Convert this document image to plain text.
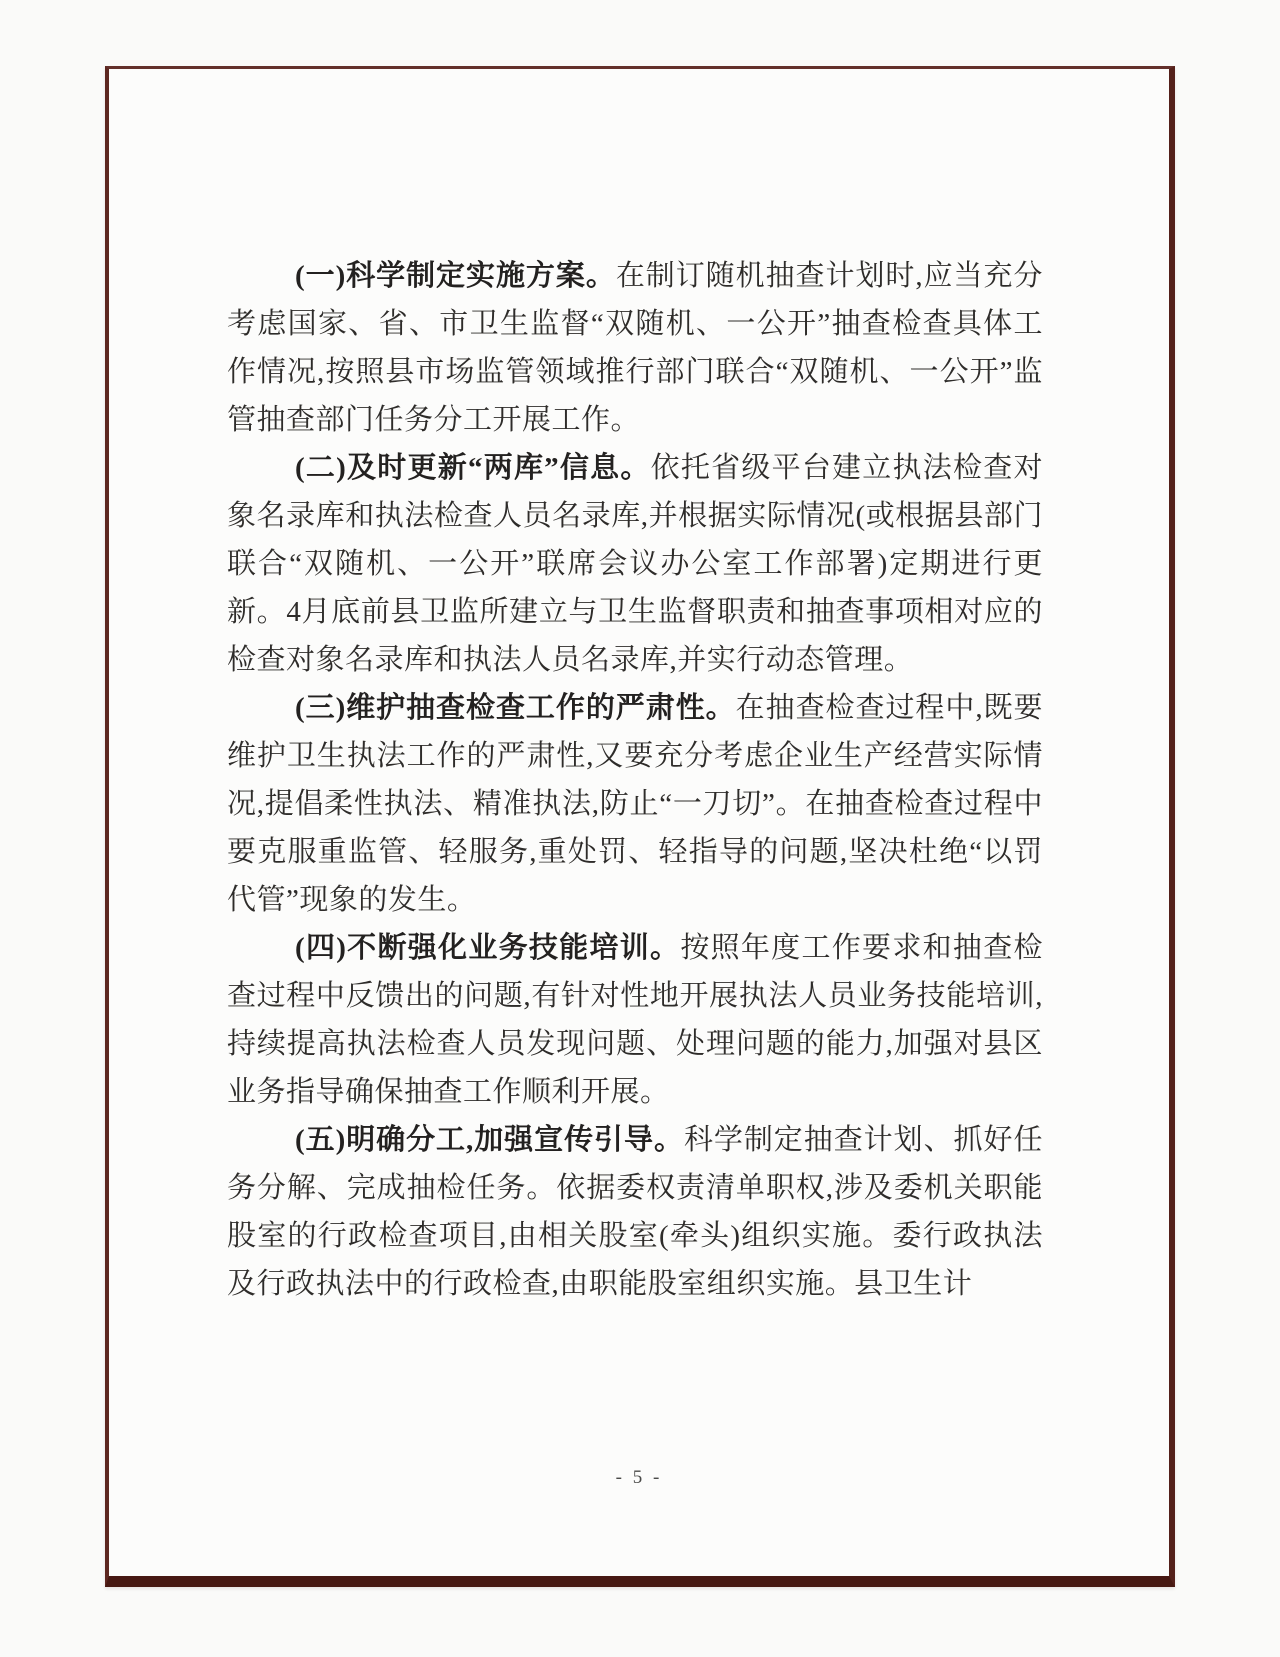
(一)科学制定实施方案。在制订随机抽查计划时,应当充分考虑国家、省、市卫生监督“双随机、一公开”抽查检查具体工作情况,按照县市场监管领域推行部门联合“双随机、一公开”监管抽查部门任务分工开展工作。

(二)及时更新“两库”信息。依托省级平台建立执法检查对象名录库和执法检查人员名录库,并根据实际情况(或根据县部门联合“双随机、一公开”联席会议办公室工作部署)定期进行更新。4月底前县卫监所建立与卫生监督职责和抽查事项相对应的检查对象名录库和执法人员名录库,并实行动态管理。

(三)维护抽查检查工作的严肃性。在抽查检查过程中,既要维护卫生执法工作的严肃性,又要充分考虑企业生产经营实际情况,提倡柔性执法、精准执法,防止“一刀切”。在抽查检查过程中要克服重监管、轻服务,重处罚、轻指导的问题,坚决杜绝“以罚代管”现象的发生。

(四)不断强化业务技能培训。按照年度工作要求和抽查检查过程中反馈出的问题,有针对性地开展执法人员业务技能培训,持续提高执法检查人员发现问题、处理问题的能力,加强对县区业务指导确保抽查工作顺利开展。

(五)明确分工,加强宣传引导。科学制定抽查计划、抓好任务分解、完成抽检任务。依据委权责清单职权,涉及委机关职能股室的行政检查项目,由相关股室(牵头)组织实施。委行政执法及行政执法中的行政检查,由职能股室组织实施。县卫生计

- 5 -
